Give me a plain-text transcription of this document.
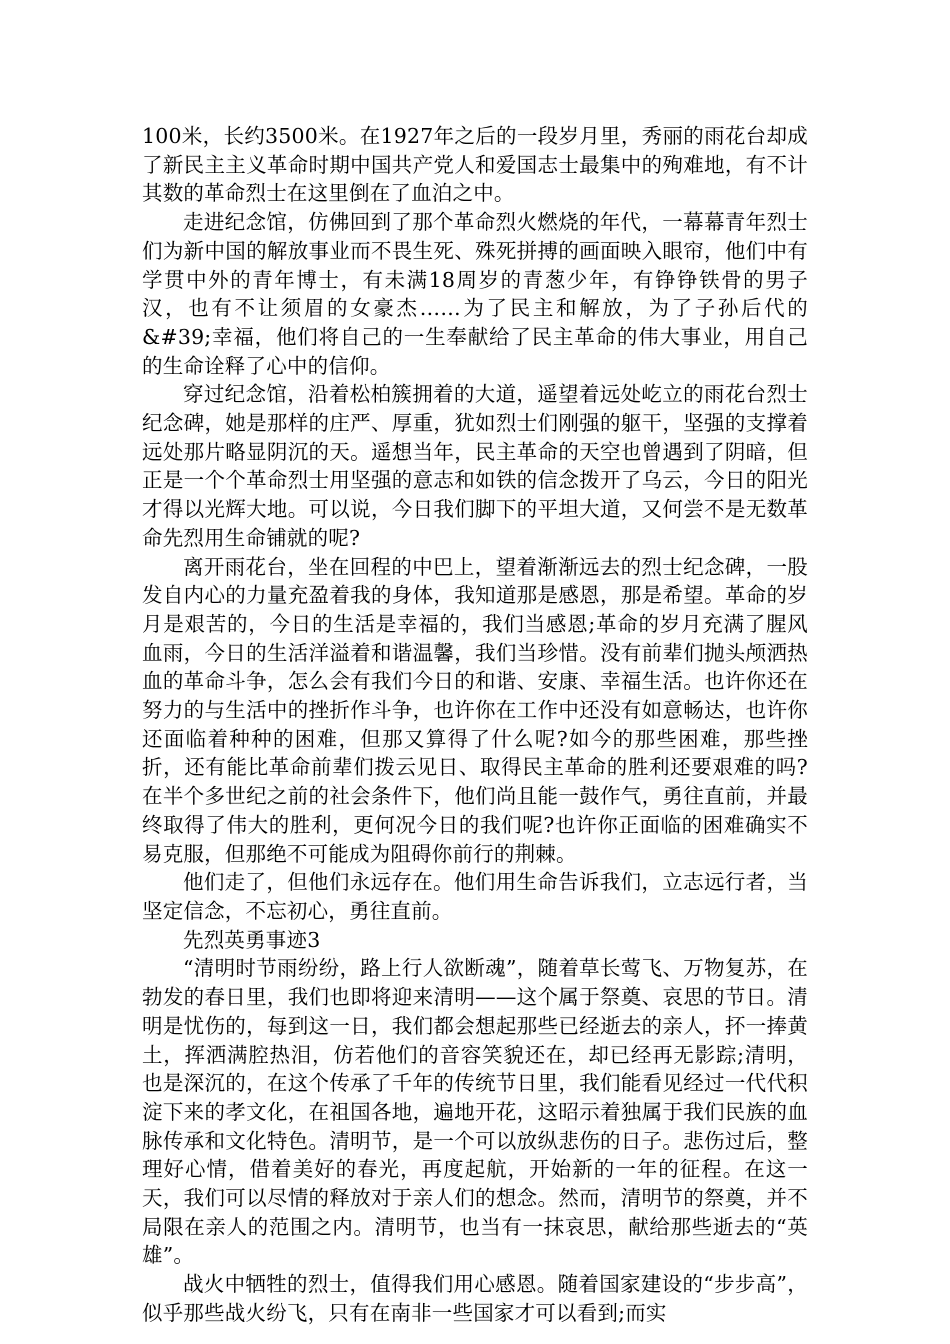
100米，长约3500米。在1927年之后的一段岁月里，秀丽的雨花台却成了新民主主义革命时期中国共产党人和爱国志士最集中的殉难地，有不计其数的革命烈士在这里倒在了血泊之中。

走进纪念馆，仿佛回到了那个革命烈火燃烧的年代，一幕幕青年烈士们为新中国的解放事业而不畏生死、殊死拼搏的画面映入眼帘，他们中有学贯中外的青年博士，有未满18周岁的青葱少年，有铮铮铁骨的男子汉，也有不让须眉的女豪杰……为了民主和解放，为了子孙后代的&#39;幸福，他们将自己的一生奉献给了民主革命的伟大事业，用自己的生命诠释了心中的信仰。

穿过纪念馆，沿着松柏簇拥着的大道，遥望着远处屹立的雨花台烈士纪念碑，她是那样的庄严、厚重，犹如烈士们刚强的躯干，坚强的支撑着远处那片略显阴沉的天。遥想当年，民主革命的天空也曾遇到了阴暗，但正是一个个革命烈士用坚强的意志和如铁的信念拨开了乌云，今日的阳光才得以光辉大地。可以说，今日我们脚下的平坦大道，又何尝不是无数革命先烈用生命铺就的呢?

离开雨花台，坐在回程的中巴上，望着渐渐远去的烈士纪念碑，一股发自内心的力量充盈着我的身体，我知道那是感恩，那是希望。革命的岁月是艰苦的，今日的生活是幸福的，我们当感恩;革命的岁月充满了腥风血雨，今日的生活洋溢着和谐温馨，我们当珍惜。没有前辈们抛头颅洒热血的革命斗争，怎么会有我们今日的和谐、安康、幸福生活。也许你还在努力的与生活中的挫折作斗争，也许你在工作中还没有如意畅达，也许你还面临着种种的困难，但那又算得了什么呢?如今的那些困难，那些挫折，还有能比革命前辈们拨云见日、取得民主革命的胜利还要艰难的吗?在半个多世纪之前的社会条件下，他们尚且能一鼓作气，勇往直前，并最终取得了伟大的胜利，更何况今日的我们呢?也许你正面临的困难确实不易克服，但那绝不可能成为阻碍你前行的荆棘。

他们走了，但他们永远存在。他们用生命告诉我们，立志远行者，当坚定信念，不忘初心，勇往直前。

先烈英勇事迹3

“清明时节雨纷纷，路上行人欲断魂”，随着草长莺飞、万物复苏，在勃发的春日里，我们也即将迎来清明——这个属于祭奠、哀思的节日。清明是忧伤的，每到这一日，我们都会想起那些已经逝去的亲人，抔一捧黄土，挥洒满腔热泪，仿若他们的音容笑貌还在，却已经再无影踪;清明，也是深沉的，在这个传承了千年的传统节日里，我们能看见经过一代代积淀下来的孝文化，在祖国各地，遍地开花，这昭示着独属于我们民族的血脉传承和文化特色。清明节，是一个可以放纵悲伤的日子。悲伤过后，整理好心情，借着美好的春光，再度起航，开始新的一年的征程。在这一天，我们可以尽情的释放对于亲人们的想念。然而，清明节的祭奠，并不局限在亲人的范围之内。清明节，也当有一抹哀思，献给那些逝去的“英雄”。

战火中牺牲的烈士，值得我们用心感恩。随着国家建设的“步步高”，似乎那些战火纷飞，只有在南非一些国家才可以看到;而实
